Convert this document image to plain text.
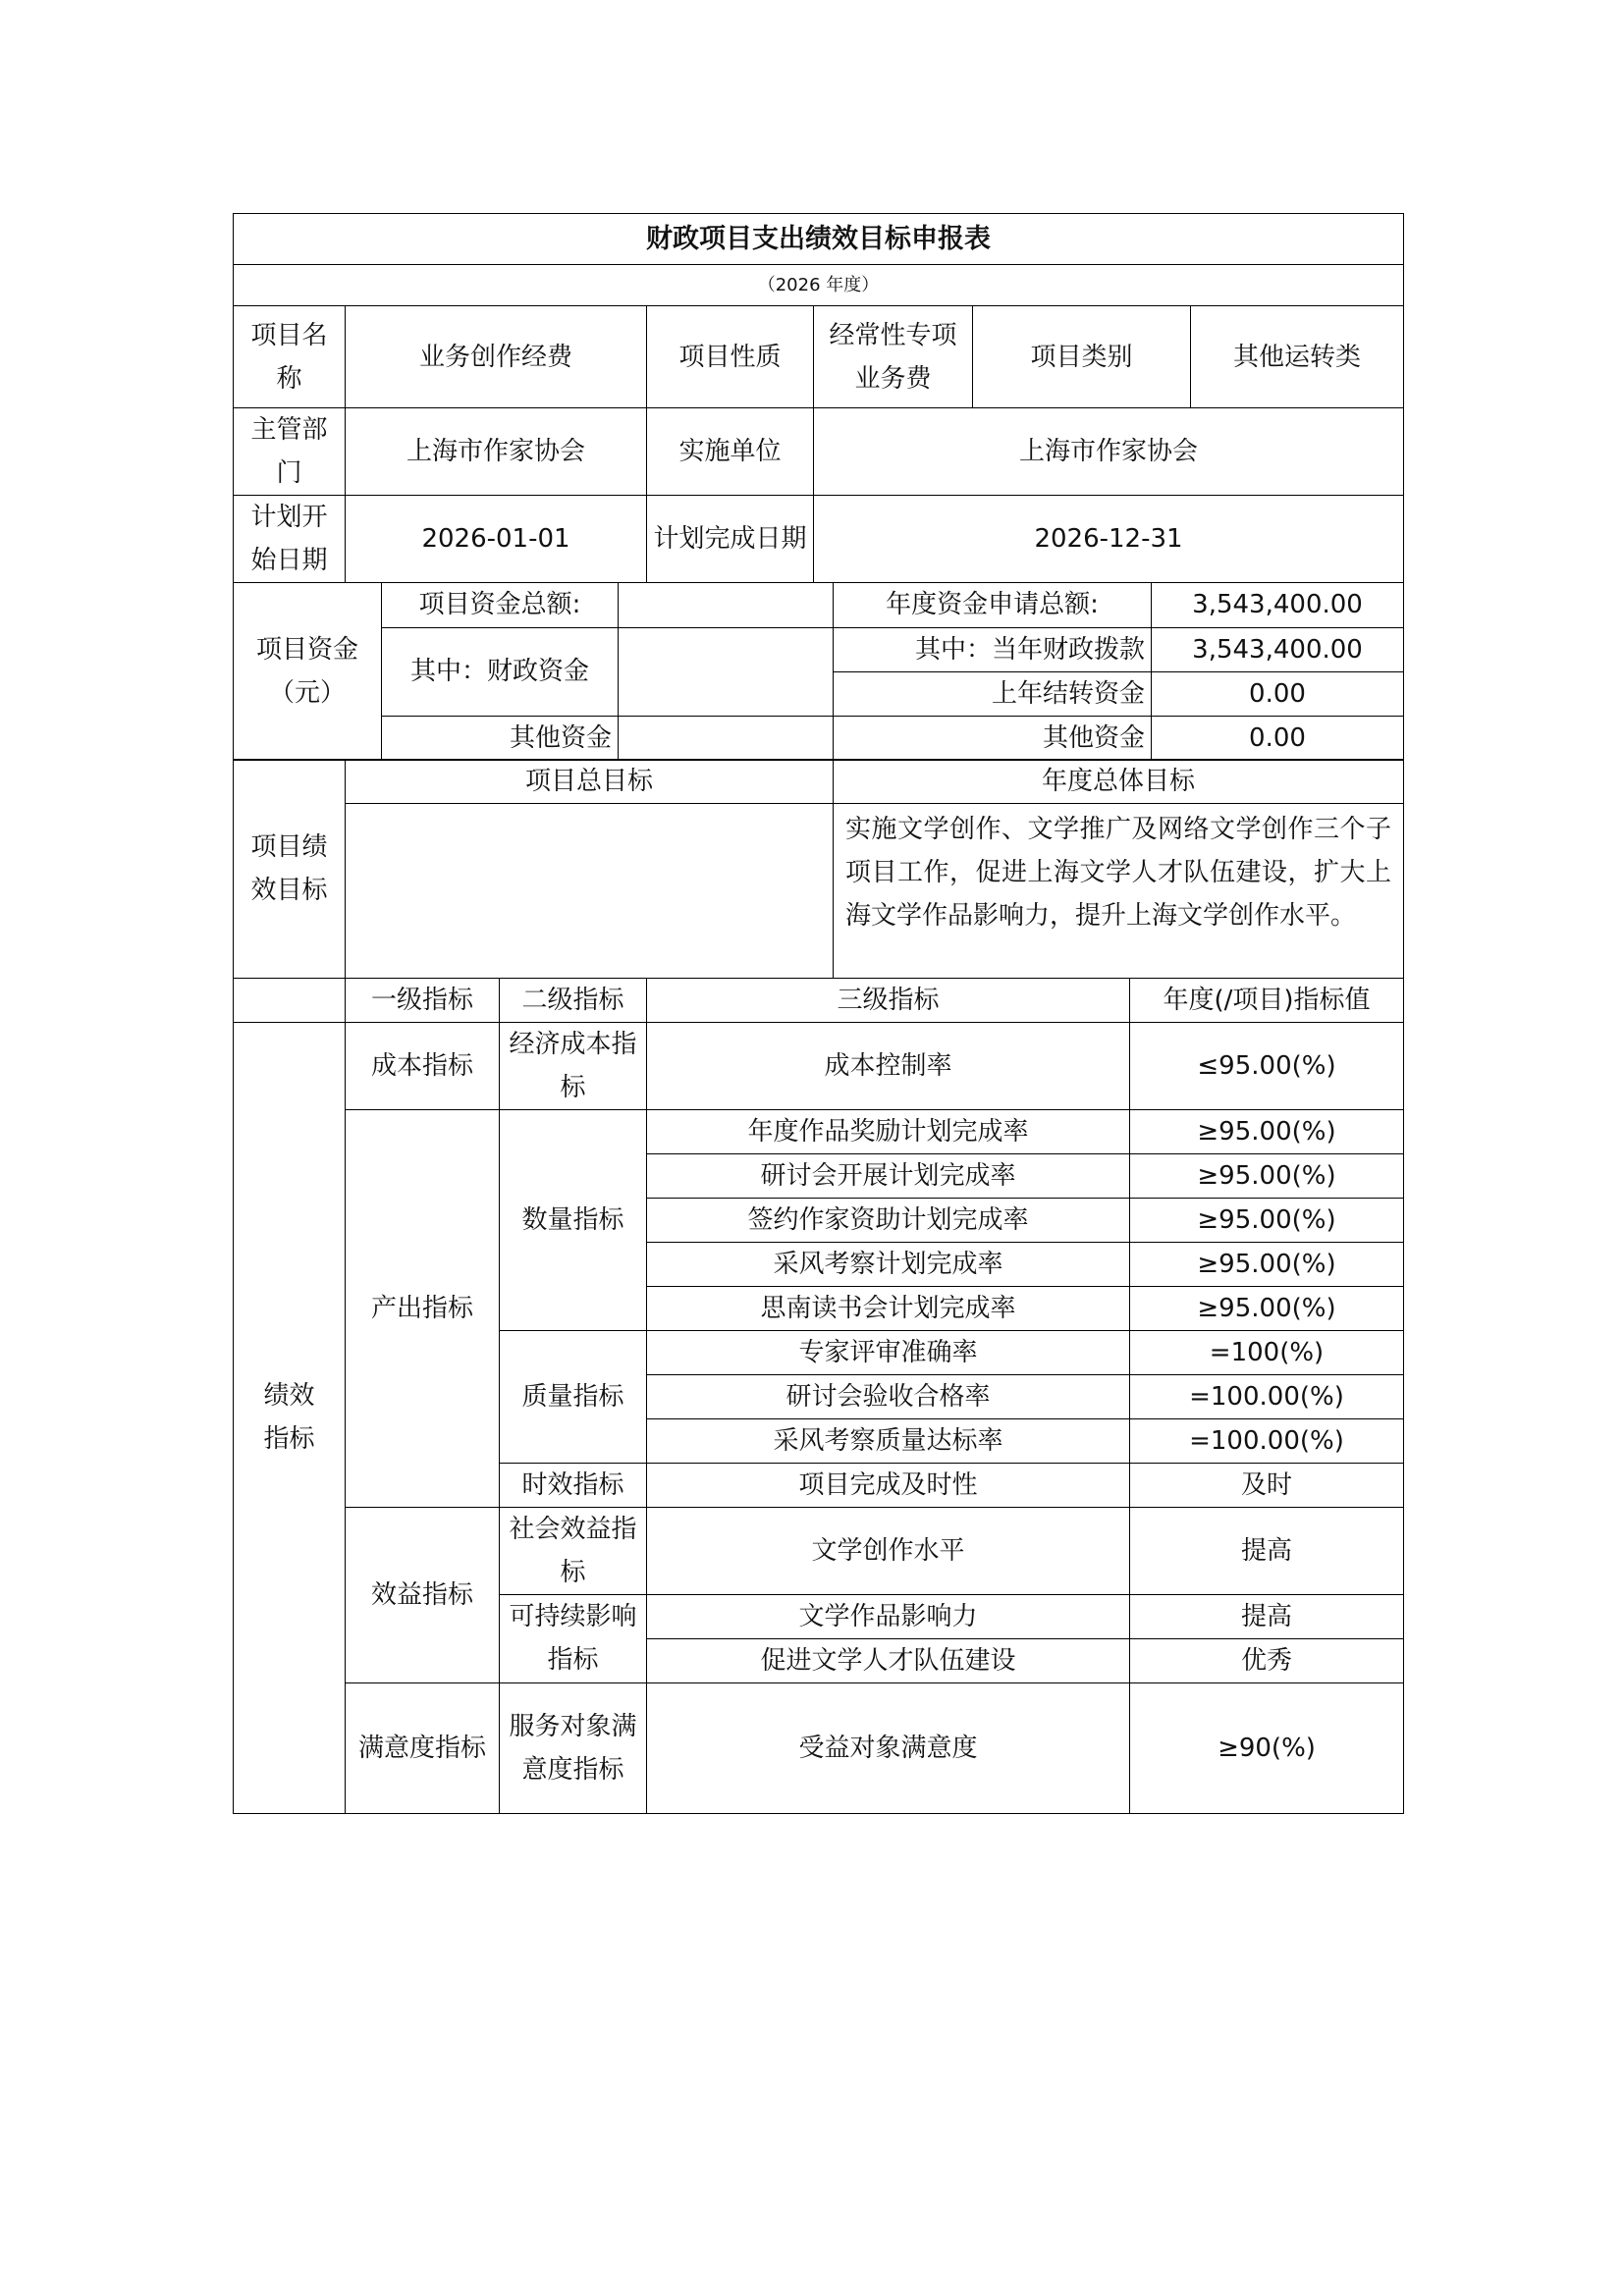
财政项目支出绩效目标申报表					
（2026 年度）					
项目名称	业务创作经费	项目性质	经常性专项业务费	项目类别	其他运转类
主管部门	上海市作家协会	实施单位	上海市作家协会		
计划开始日期	2026-01-01	计划完成日期	2026-12-31		
项目资金（元）	项目资金总额:		年度资金申请总额:	3,543,400.00
	其中：财政资金		其中：当年财政拨款	3,543,400.00
			上年结转资金	0.00
	其他资金		其他资金	0.00
项目绩效目标	项目总目标	年度总体目标
		实施文学创作、文学推广及网络文学创作三个子项目工作，促进上海文学人才队伍建设，扩大上海文学作品影响力，提升上海文学创作水平。
	一级指标	二级指标	三级指标	年度(/项目)指标值
绩效指标	成本指标	经济成本指标	成本控制率	≤95.00(%)
	产出指标	数量指标	年度作品奖励计划完成率	≥95.00(%)
			研讨会开展计划完成率	≥95.00(%)
			签约作家资助计划完成率	≥95.00(%)
			采风考察计划完成率	≥95.00(%)
			思南读书会计划完成率	≥95.00(%)
		质量指标	专家评审准确率	=100(%)
			研讨会验收合格率	=100.00(%)
			采风考察质量达标率	=100.00(%)
		时效指标	项目完成及时性	及时
	效益指标	社会效益指标	文学创作水平	提高
		可持续影响指标	文学作品影响力	提高
			促进文学人才队伍建设	优秀
	满意度指标	服务对象满意度指标	受益对象满意度	≥90(%)
